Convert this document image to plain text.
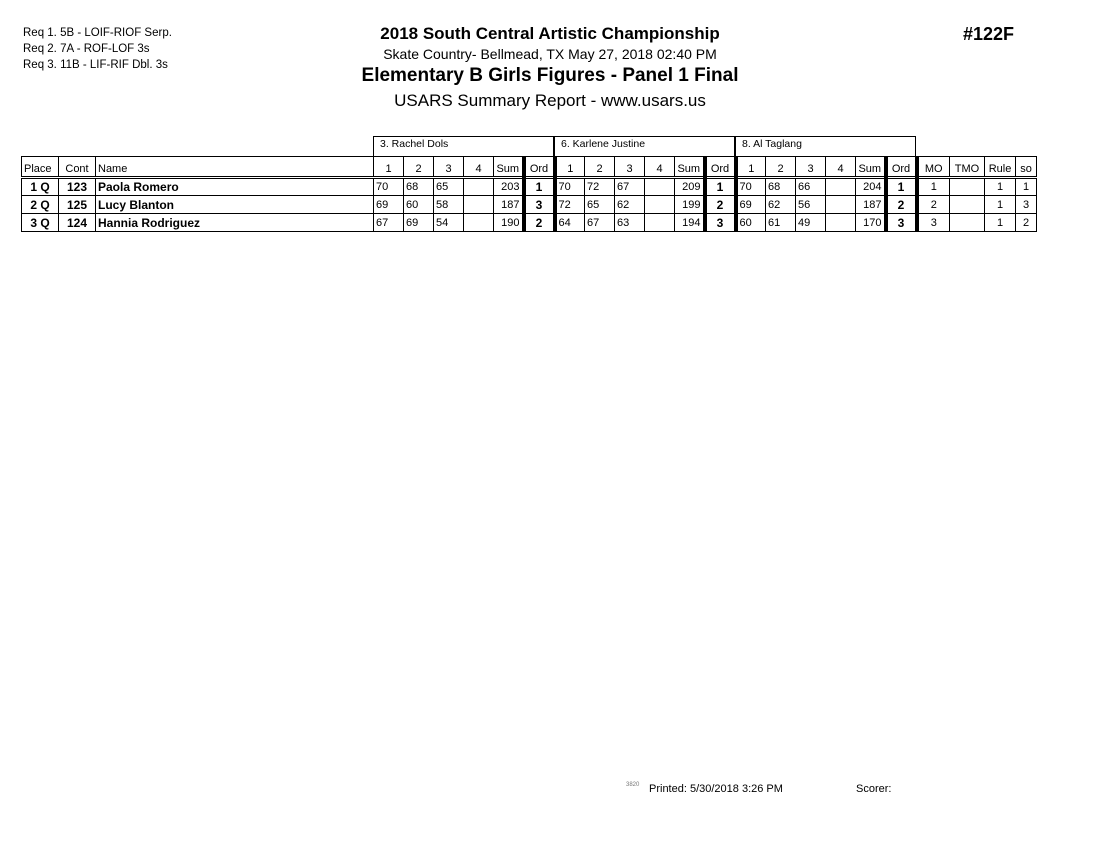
Req 1. 5B - LOIF-RIOF Serp.
Req 2. 7A - ROF-LOF 3s
Req 3. 11B - LIF-RIF Dbl. 3s
2018 South Central Artistic Championship
Skate Country- Bellmead, TX May 27, 2018 02:40 PM
Elementary B Girls Figures - Panel 1 Final
USARS Summary Report - www.usars.us
#122F
3. Rachel Dols	6. Karlene Justine	8. Al Taglang
Place	Cont	Name	1	2	3	4	Sum	Ord	1	2	3	4	Sum	Ord	1	2	3	4	Sum	Ord	MO	TMO	Rule	so
1 Q	123	Paola Romero	70	68	65		203	1	70	72	67		209	1	70	68	66		204	1	1		1	1
2 Q	125	Lucy Blanton	69	60	58		187	3	72	65	62		199	2	69	62	56		187	2	2		1	3
3 Q	124	Hannia Rodriguez	67	69	54		190	2	64	67	63		194	3	60	61	49		170	3	3		1	2
3820 Printed: 5/30/2018 3:26 PM	Scorer:
